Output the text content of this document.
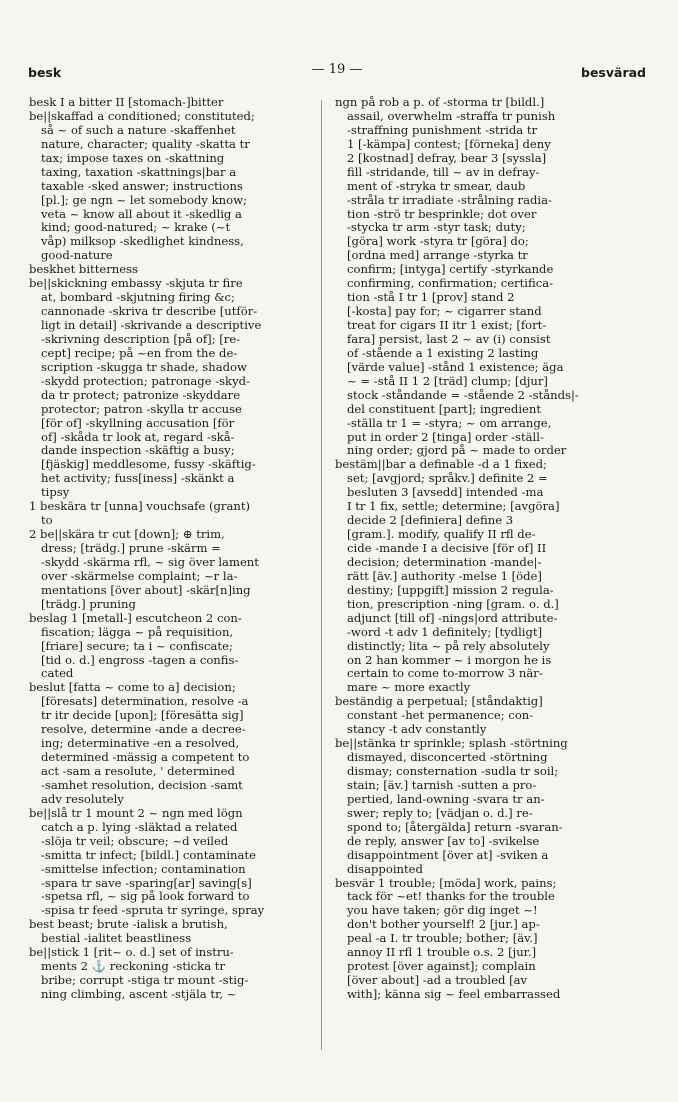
besk	— 19 —	besvärad
besk I a bitter II [stomach-]bitter
be||skaffad a conditioned; constituted;
så ~ of such a nature -skaffenhet
nature, character; quality -skatta tr
tax; impose taxes on -skattning
taxing, taxation -skattnings|bar a
taxable -sked answer; instructions
[pl.]; ge ngn ~ let somebody know;
veta ~ know all about it -skedlig a
kind; good-natured; ~ krake (~t
våp) milksop -skedlighet kindness,
good-nature
beskhet bitterness
be||skickning embassy -skjuta tr fire
at, bombard -skjutning firing &c;
cannonade -skriva tr describe [utför-
ligt in detail] -skrivande a descriptive
-skrivning description [på of]; [re-
cept] recipe; på ~en from the de-
scription -skugga tr shade, shadow
-skydd protection; patronage -skyd-
da tr protect; patronize -skyddare
protector; patron -skylla tr accuse
[för of] -skyllning accusation [för
of] -skåda tr look at, regard -skå-
dande inspection -skäftig a busy;
[fjäskig] meddlesome, fussy -skäftig-
het activity; fuss[iness] -skänkt a
tipsy
1 beskära tr [unna] vouchsafe (grant)
to
2 be||skära tr cut [down]; ⊕ trim,
dress; [trädg.] prune -skärm =
-skydd -skärma rfl, ~ sig över lament
over -skärmelse complaint; ~r la-
mentations [över about] -skär[n]ing
[trädg.] pruning
beslag 1 [metall-] escutcheon 2 con-
fiscation; lägga ~ på requisition,
[friare] secure; ta i ~ confiscate;
[tid o. d.] engross -tagen a confis-
cated
beslut [fatta ~ come to a] decision;
[föresats] determination, resolve -a
tr itr decide [upon]; [föresätta sig]
resolve, determine -ande a decree-
ing; determinative -en a resolved,
determined -mässig a competent to
act -sam a resolute, ' determined
-samhet resolution, decision -samt
adv resolutely
be||slå tr 1 mount 2 ~ ngn med lögn
catch a p. lying -släktad a related
-slöja tr veil; obscure; ~d veiled
-smitta tr infect; [bildl.] contaminate
-smittelse infection; contamination
-spara tr save -sparing[ar] saving[s]
-spetsa rfl, ~ sig på look forward to
-spisa tr feed -spruta tr syringe, spray
best beast; brute -ialisk a brutish,
bestial -ialitet beastliness
be||stick 1 [rit~ o. d.] set of instru-
ments 2 ⚓ reckoning -sticka tr
bribe; corrupt -stiga tr mount -stig-
ning climbing, ascent -stjäla tr, ~
ngn på rob a p. of -storma tr [bildl.]
assail, overwhelm -straffa tr punish
-straffning punishment -strida tr
1 [-kämpa] contest; [förneka] deny
2 [kostnad] defray, bear 3 [syssla]
fill -stridande, till ~ av in defray-
ment of -stryka tr smear, daub
-stråla tr irradiate -strålning radia-
tion -strö tr besprinkle; dot over
-stycka tr arm -styr task; duty;
[göra] work -styra tr [göra] do;
[ordna med] arrange -styrka tr
confirm; [intyga] certify -styrkande
confirming, confirmation; certifica-
tion -stå I tr 1 [prov] stand 2
[-kosta] pay for; ~ cigarrer stand
treat for cigars II itr 1 exist; [fort-
fara] persist, last 2 ~ av (i) consist
of -stående a 1 existing 2 lasting
[värde value] -stånd 1 existence; äga
~ = -stå II 1 2 [träd] clump; [djur]
stock -ståndande = -stående 2 -stånds|-
del constituent [part]; ingredient
-ställa tr 1 = -styra; ~ om arrange,
put in order 2 [tinga] order -ställ-
ning order; gjord på ~ made to order
bestäm||bar a definable -d a 1 fixed;
set; [avgjord; språkv.] definite 2 =
besluten 3 [avsedd] intended -ma
I tr 1 fix, settle; determine; [avgöra]
decide 2 [definiera] define 3
[gram.]. modify, qualify II rfl de-
cide -mande I a decisive [för of] II
decision; determination -mande|-
rätt [äv.] authority -melse 1 [öde]
destiny; [uppgift] mission 2 regula-
tion, prescription -ning [gram. o. d.]
adjunct [till of] -nings|ord attribute-
-word -t adv 1 definitely; [tydligt]
distinctly; lita ~ på rely absolutely
on 2 han kommer ~ i morgon he is
certain to come to-morrow 3 när-
mare ~ more exactly
beständig a perpetual; [ståndaktig]
constant -het permanence; con-
stancy -t adv constantly
be||stänka tr sprinkle; splash -störtning
dismayed, disconcerted -störtning
dismay; consternation -sudla tr soil;
stain; [äv.] tarnish -sutten a pro-
pertied, land-owning -svara tr an-
swer; reply to; [vädjan o. d.] re-
spond to; [återgälda] return -svaran-
de reply, answer [av to] -svikelse
disappointment [över at] -sviken a
disappointed
besvär 1 trouble; [möda] work, pains;
tack för ~et! thanks for the trouble
you have taken; gör dig inget ~!
don't bother yourself! 2 [jur.] ap-
peal -a I. tr trouble; bother; [äv.]
annoy II rfl 1 trouble o.s. 2 [jur.]
protest [över against]; complain
[över about] -ad a troubled [av
with]; känna sig ~ feel embarrassed
